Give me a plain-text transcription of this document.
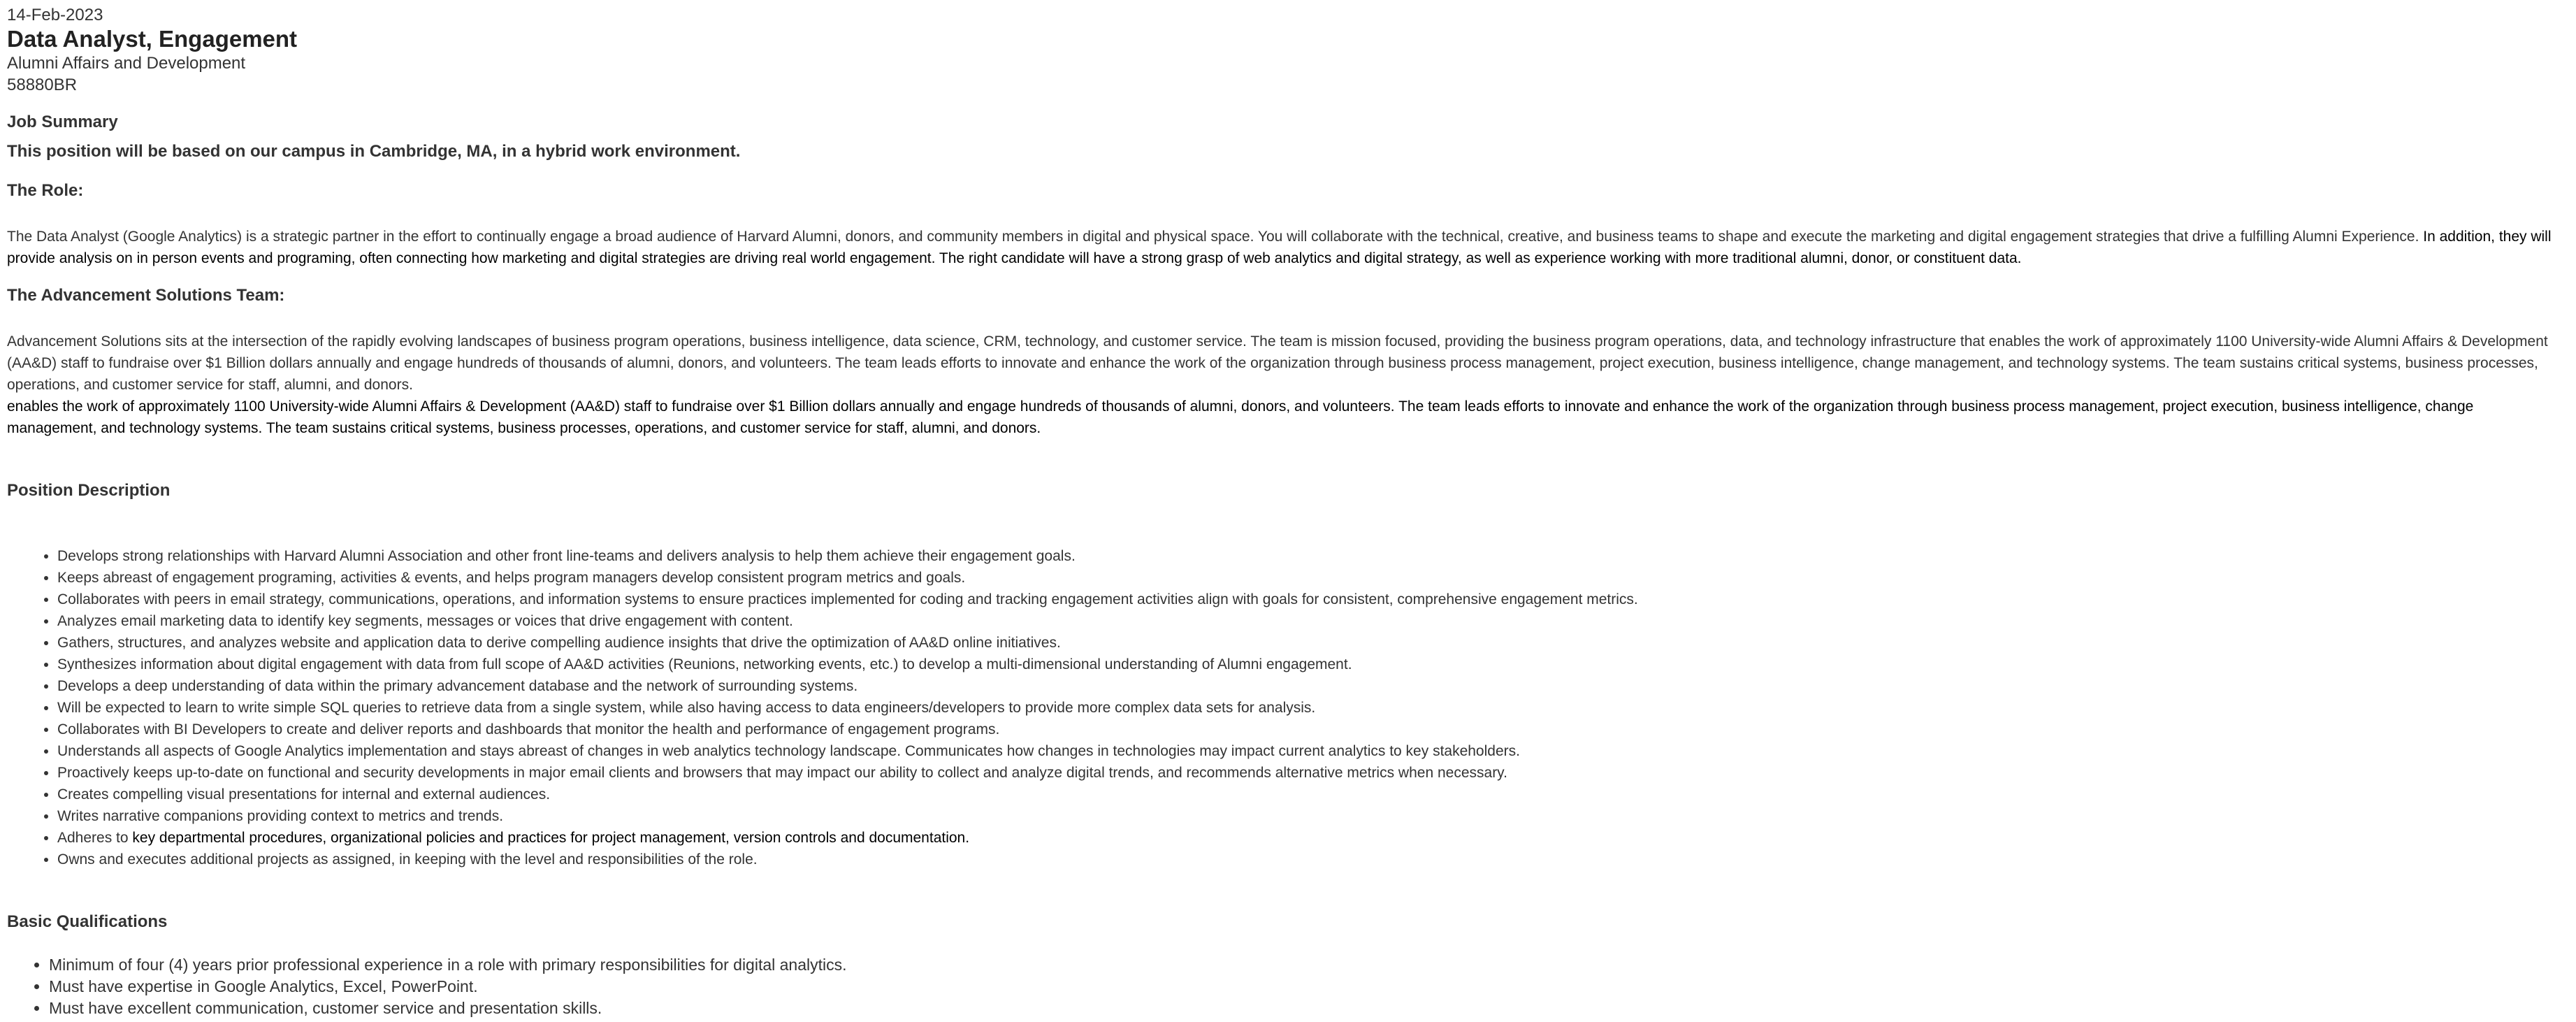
14-Feb-2023
Data Analyst, Engagement
Alumni Affairs and Development
58880BR
Job Summary
This position will be based on our campus in Cambridge, MA, in a hybrid work environment.
The Role:

The Data Analyst (Google Analytics) is a strategic partner in the effort to continually engage a broad audience of Harvard Alumni, donors, and community members in digital and physical space. You will collaborate with the technical, creative, and business teams to shape and execute the marketing and digital engagement strategies that drive a fulfilling Alumni Experience. In addition, they will provide analysis on in person events and programing, often connecting how marketing and digital strategies are driving real world engagement. The right candidate will have a strong grasp of web analytics and digital strategy, as well as experience working with more traditional alumni, donor, or constituent data.

The Advancement Solutions Team:

Advancement Solutions sits at the intersection of the rapidly evolving landscapes of business program operations, business intelligence, data science, CRM, technology, and customer service. The team is mission focused, providing the business program operations, data, and technology infrastructure that enables the work of approximately 1100 University-wide Alumni Affairs & Development (AA&D) staff to fundraise over $1 Billion dollars annually and engage hundreds of thousands of alumni, donors, and volunteers. The team leads efforts to innovate and enhance the work of the organization through business process management, project execution, business intelligence, change management, and technology systems. The team sustains critical systems, business processes, operations, and customer service for staff, alumni, and donors.

enables the work of approximately 1100 University-wide Alumni Affairs & Development (AA&D) staff to fundraise over $1 Billion dollars annually and engage hundreds of thousands of alumni, donors, and volunteers. The team leads efforts to innovate and enhance the work of the organization through business process management, project execution, business intelligence, change management, and technology systems. The team sustains critical systems, business processes, operations, and customer service for staff, alumni, and donors.

Position Description
• Develops strong relationships with Harvard Alumni Association and other front line-teams and delivers analysis to help them achieve their engagement goals.
• Keeps abreast of engagement programing, activities & events, and helps program managers develop consistent program metrics and goals.
• Collaborates with peers in email strategy, communications, operations, and information systems to ensure practices implemented for coding and tracking engagement activities align with goals for consistent, comprehensive engagement metrics.
• Analyzes email marketing data to identify key segments, messages or voices that drive engagement with content.
• Gathers, structures, and analyzes website and application data to derive compelling audience insights that drive the optimization of AA&D online initiatives.
• Synthesizes information about digital engagement with data from full scope of AA&D activities (Reunions, networking events, etc.) to develop a multi-dimensional understanding of Alumni engagement.
• Develops a deep understanding of data within the primary advancement database and the network of surrounding systems.
• Will be expected to learn to write simple SQL queries to retrieve data from a single system, while also having access to data engineers/developers to provide more complex data sets for analysis.
• Collaborates with BI Developers to create and deliver reports and dashboards that monitor the health and performance of engagement programs.
• Understands all aspects of Google Analytics implementation and stays abreast of changes in web analytics technology landscape. Communicates how changes in technologies may impact current analytics to key stakeholders.
• Proactively keeps up-to-date on functional and security developments in major email clients and browsers that may impact our ability to collect and analyze digital trends, and recommends alternative metrics when necessary.
• Creates compelling visual presentations for internal and external audiences.
• Writes narrative companions providing context to metrics and trends.
• Adheres to key departmental procedures, organizational policies and practices for project management, version controls and documentation.
• Owns and executes additional projects as assigned, in keeping with the level and responsibilities of the role.
Basic Qualifications
• Minimum of four (4) years prior professional experience in a role with primary responsibilities for digital analytics.
• Must have expertise in Google Analytics, Excel, PowerPoint.
• Must have excellent communication, customer service and presentation skills.
